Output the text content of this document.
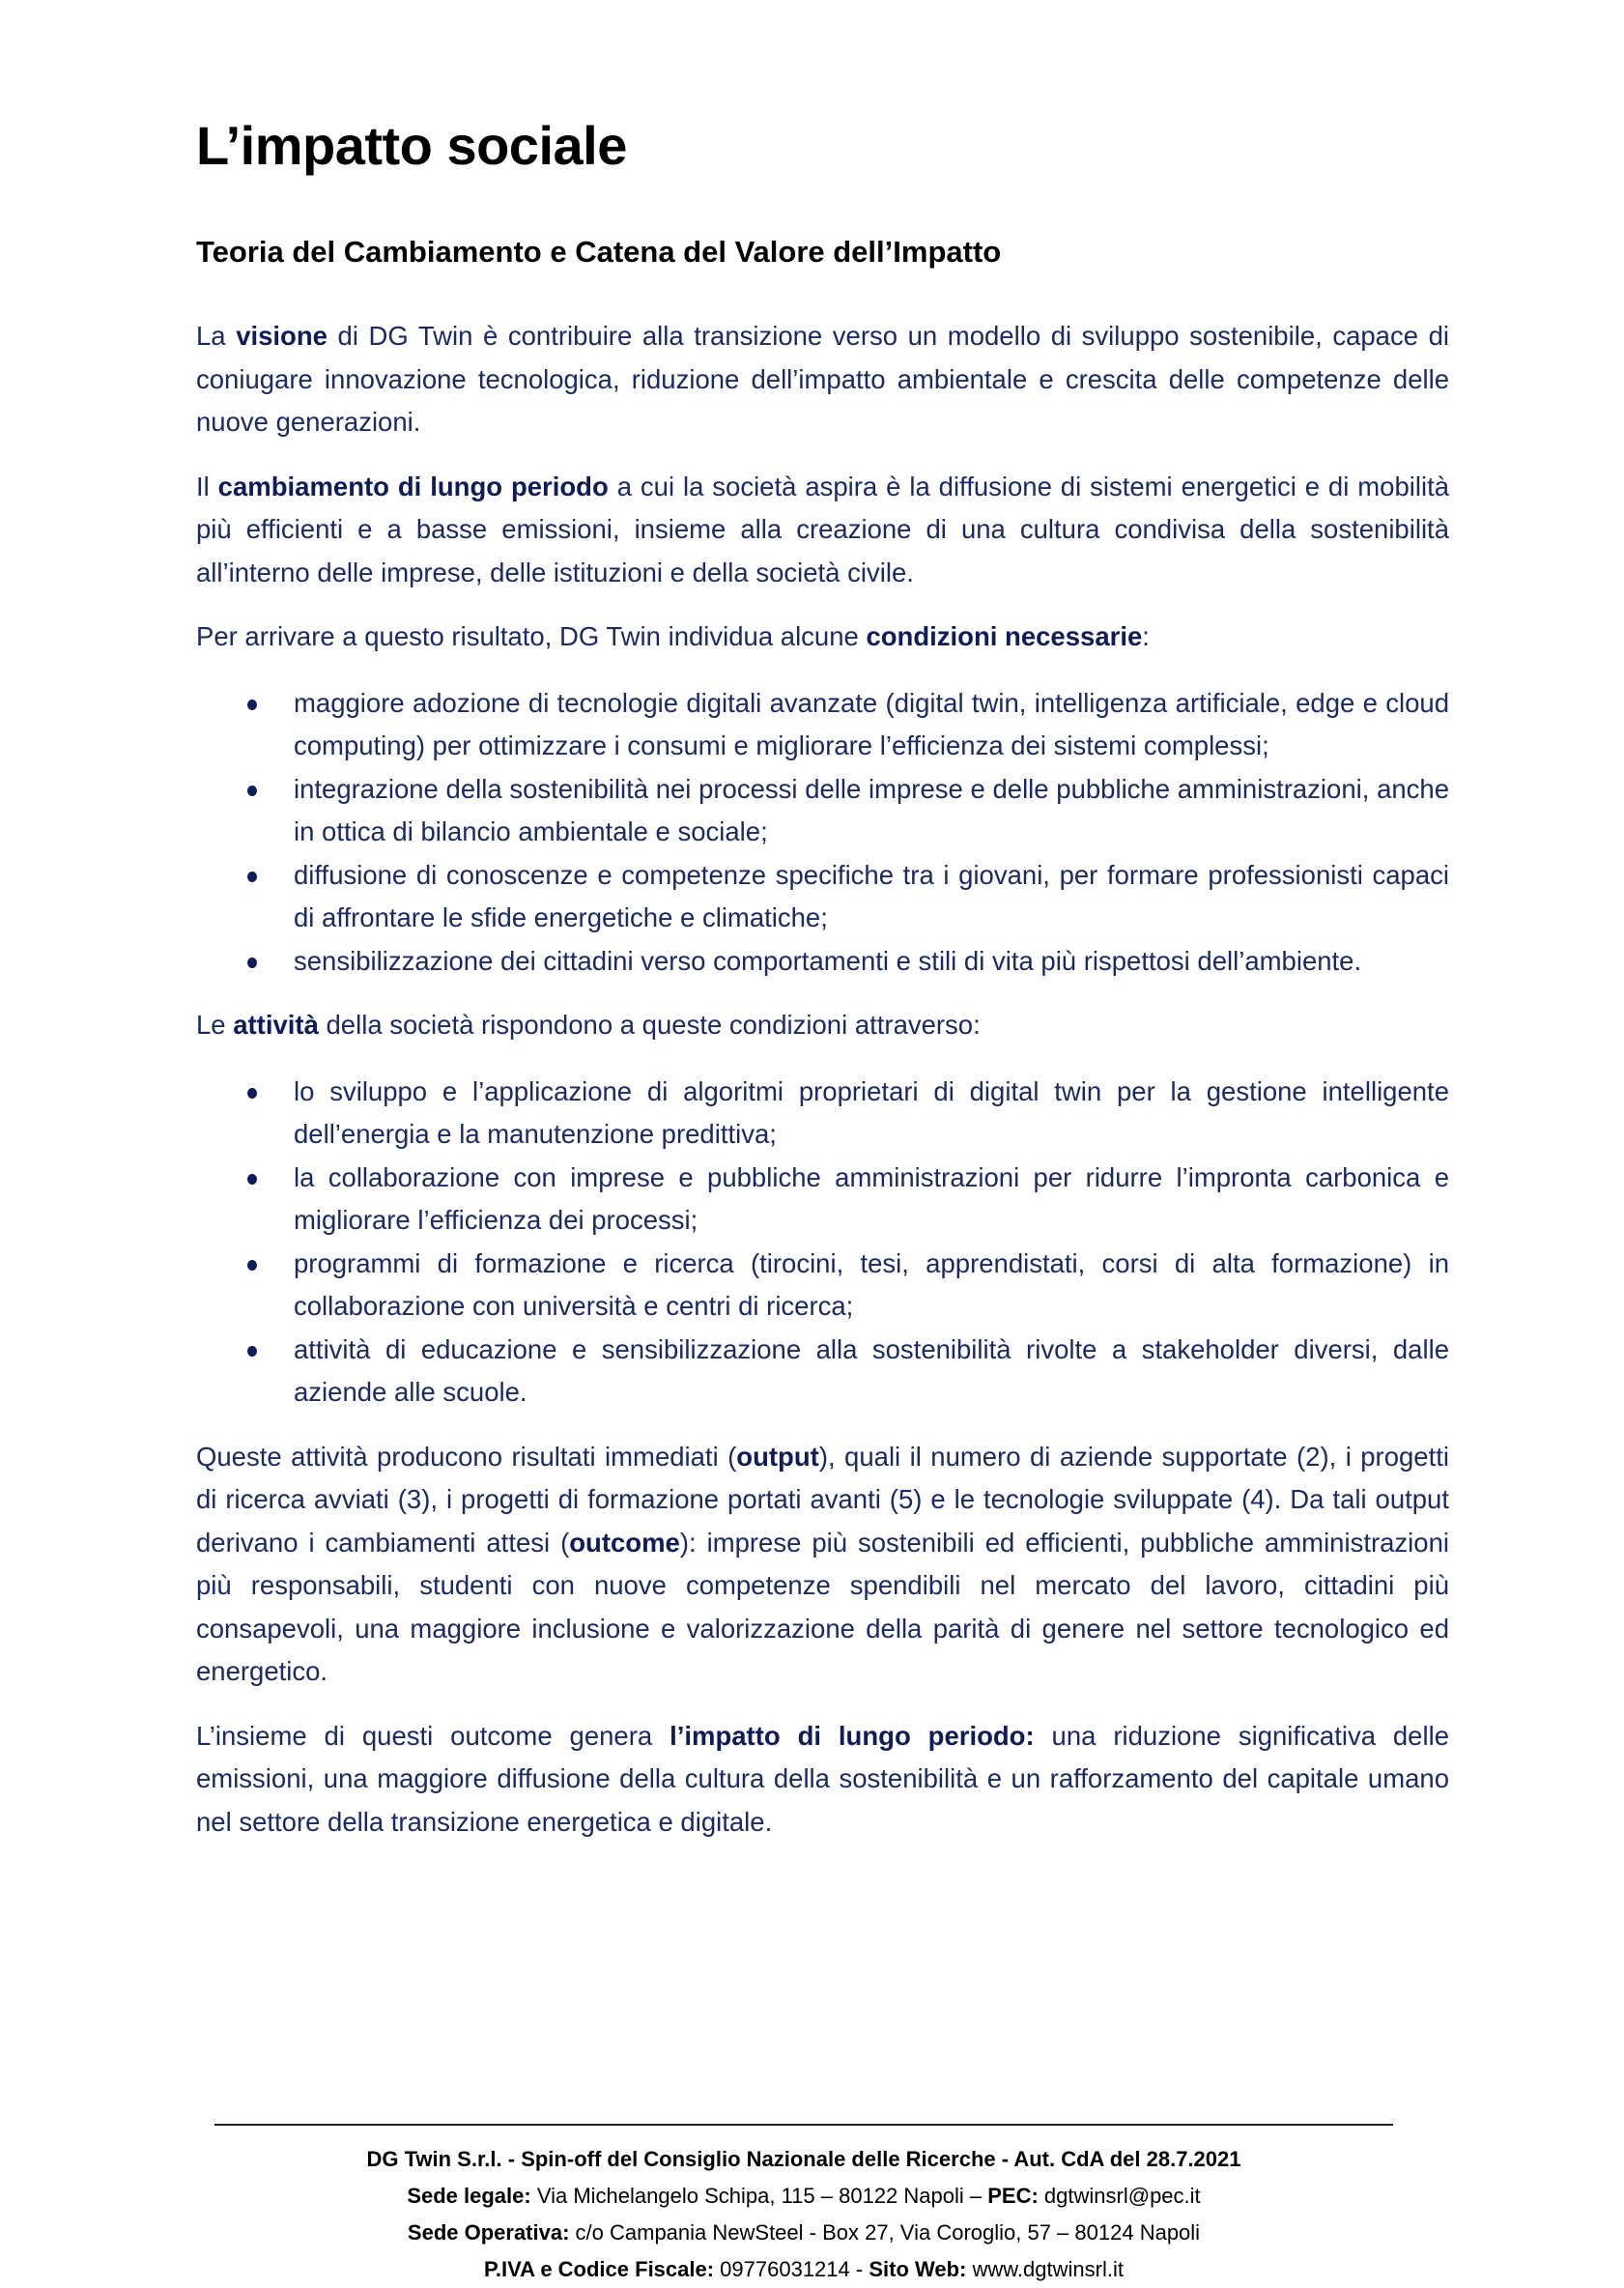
L’impatto sociale
Teoria del Cambiamento e Catena del Valore dell’Impatto

La visione di DG Twin è contribuire alla transizione verso un modello di sviluppo sostenibile, capace di coniugare innovazione tecnologica, riduzione dell’impatto ambientale e crescita delle competenze delle nuove generazioni.

Il cambiamento di lungo periodo a cui la società aspira è la diffusione di sistemi energetici e di mobilità più efficienti e a basse emissioni, insieme alla creazione di una cultura condivisa della sostenibilità all’interno delle imprese, delle istituzioni e della società civile.

Per arrivare a questo risultato, DG Twin individua alcune condizioni necessarie:

maggiore adozione di tecnologie digitali avanzate (digital twin, intelligenza artificiale, edge e cloud computing) per ottimizzare i consumi e migliorare l’efficienza dei sistemi complessi;
integrazione della sostenibilità nei processi delle imprese e delle pubbliche amministrazioni, anche in ottica di bilancio ambientale e sociale;
diffusione di conoscenze e competenze specifiche tra i giovani, per formare professionisti capaci di affrontare le sfide energetiche e climatiche;
sensibilizzazione dei cittadini verso comportamenti e stili di vita più rispettosi dell’ambiente.

Le attività della società rispondono a queste condizioni attraverso:

lo sviluppo e l’applicazione di algoritmi proprietari di digital twin per la gestione intelligente dell’energia e la manutenzione predittiva;
la collaborazione con imprese e pubbliche amministrazioni per ridurre l’impronta carbonica e migliorare l’efficienza dei processi;
programmi di formazione e ricerca (tirocini, tesi, apprendistati, corsi di alta formazione) in collaborazione con università e centri di ricerca;
attività di educazione e sensibilizzazione alla sostenibilità rivolte a stakeholder diversi, dalle aziende alle scuole.

Queste attività producono risultati immediati (output), quali il numero di aziende supportate (2), i progetti di ricerca avviati (3), i progetti di formazione portati avanti (5) e le tecnologie sviluppate (4). Da tali output derivano i cambiamenti attesi (outcome): imprese più sostenibili ed efficienti, pubbliche amministrazioni più responsabili, studenti con nuove competenze spendibili nel mercato del lavoro, cittadini più consapevoli, una maggiore inclusione e valorizzazione della parità di genere nel settore tecnologico ed energetico.

L’insieme di questi outcome genera l’impatto di lungo periodo: una riduzione significativa delle emissioni, una maggiore diffusione della cultura della sostenibilità e un rafforzamento del capitale umano nel settore della transizione energetica e digitale.

DG Twin S.r.l. - Spin-off del Consiglio Nazionale delle Ricerche - Aut. CdA del 28.7.2021
Sede legale: Via Michelangelo Schipa, 115 – 80122 Napoli – PEC: dgtwinsrl@pec.it
Sede Operativa: c/o Campania NewSteel - Box 27, Via Coroglio, 57 – 80124 Napoli
P.IVA e Codice Fiscale: 09776031214 - Sito Web: www.dgtwinsrl.it
